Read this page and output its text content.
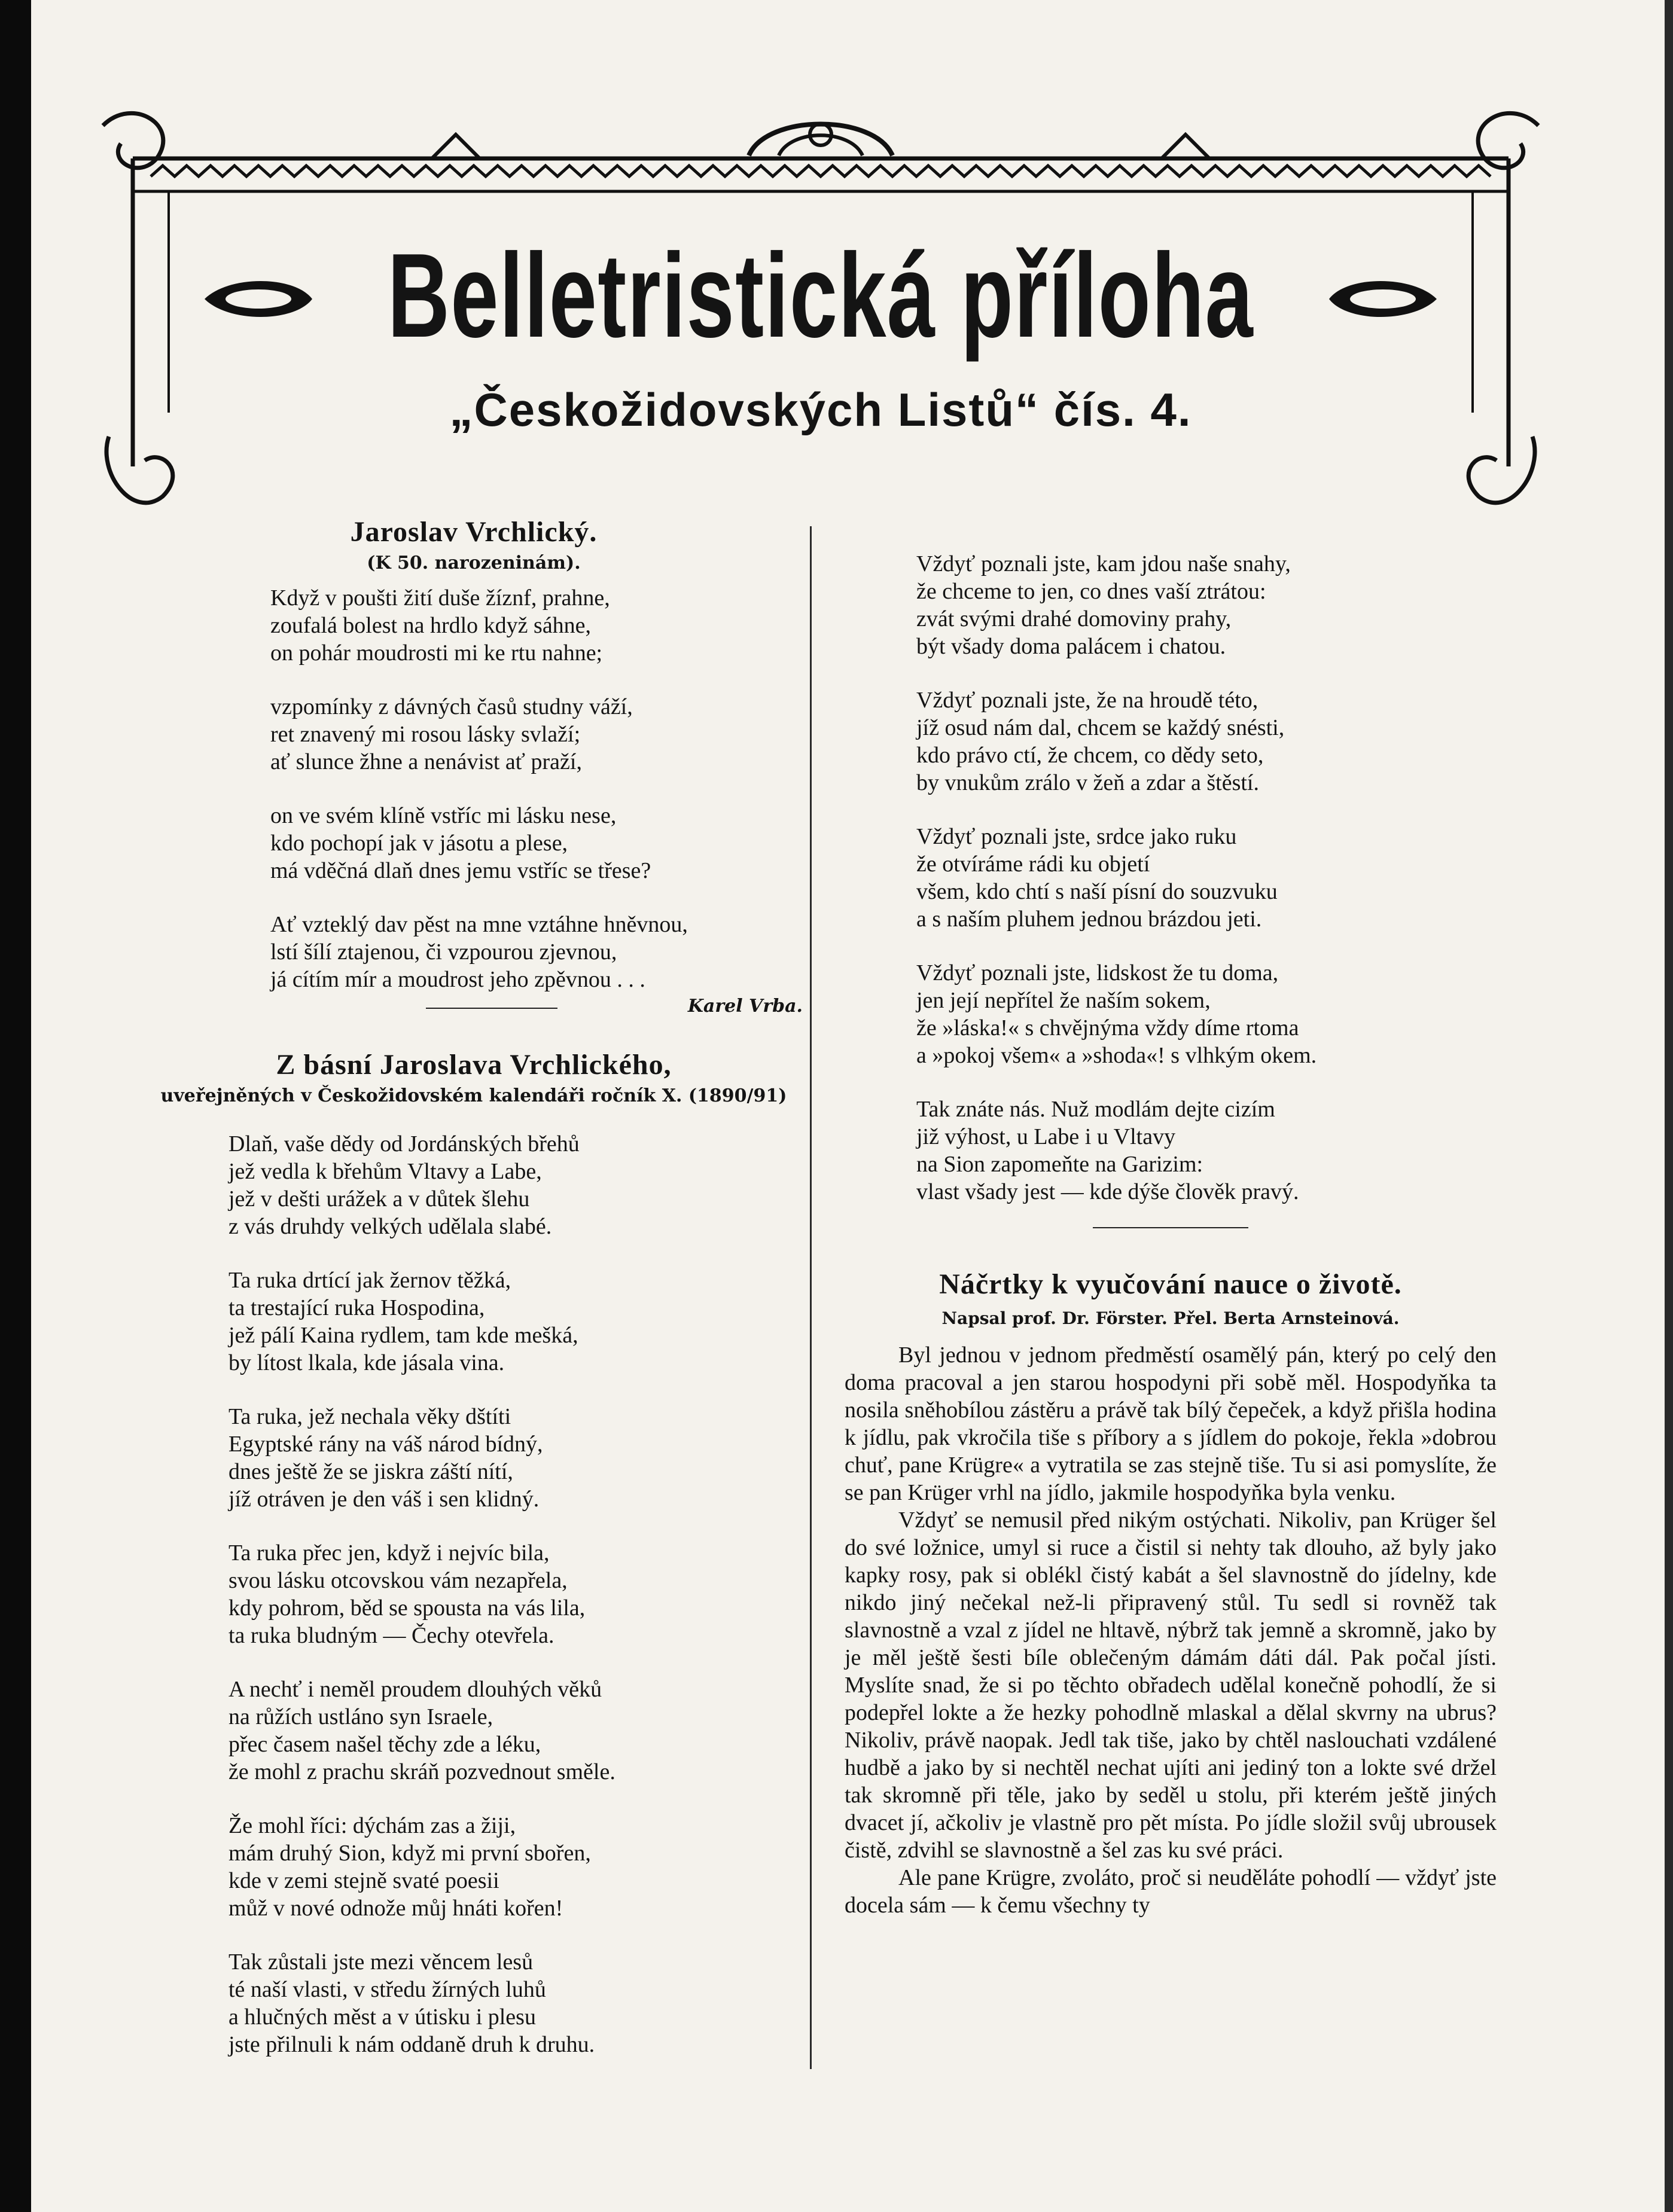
Belletristická příloha
„Českožidovských Listů“ čís. 4.
Jaroslav Vrchlický.
(K 50. narozeninám).
Když v poušti žití duše žíznf, prahne,
zoufalá bolest na hrdlo když sáhne,
on pohár moudrosti mi ke rtu nahne;
vzpomínky z dávných časů studny váží,
ret znavený mi rosou lásky svlaží;
ať slunce žhne a nenávist ať praží,
on ve svém klíně vstříc mi lásku nese,
kdo pochopí jak v jásotu a plese,
má vděčná dlaň dnes jemu vstříc se třese?
Ať vzteklý dav pěst na mne vztáhne hněvnou,
lstí šílí ztajenou, či vzpourou zjevnou,
já cítím mír a moudrost jeho zpěvnou . . .
Karel Vrba.
Z básní Jaroslava Vrchlického,
uveřejněných v Českožidovském kalendáři ročník X. (1890/91)
Dlaň, vaše dědy od Jordánských břehů
jež vedla k břehům Vltavy a Labe,
jež v dešti urážek a v důtek šlehu
z vás druhdy velkých udělala slabé.
Ta ruka drtící jak žernov těžká,
ta trestající ruka Hospodina,
jež pálí Kaina rydlem, tam kde mešká,
by lítost lkala, kde jásala vina.
Ta ruka, jež nechala věky dštíti
Egyptské rány na váš národ bídný,
dnes ještě že se jiskra záští nítí,
jíž otráven je den váš i sen klidný.
Ta ruka přec jen, když i nejvíc bila,
svou lásku otcovskou vám nezapřela,
kdy pohrom, běd se spousta na vás lila,
ta ruka bludným — Čechy otevřela.
A nechť i neměl proudem dlouhých věků
na růžích ustláno syn Israele,
přec časem našel těchy zde a léku,
že mohl z prachu skráň pozvednout směle.
Že mohl říci: dýchám zas a žiji,
mám druhý Sion, když mi první sbořen,
kde v zemi stejně svaté poesii
můž v nové odnože můj hnáti kořen!
Tak zůstali jste mezi věncem lesů
té naší vlasti, v středu žírných luhů
a hlučných měst a v útisku i plesu
jste přilnuli k nám oddaně druh k druhu.
Vždyť poznali jste, kam jdou naše snahy,
že chceme to jen, co dnes vaší ztrátou:
zvát svými drahé domoviny prahy,
být všady doma palácem i chatou.
Vždyť poznali jste, že na hroudě této,
jíž osud nám dal, chcem se každý snésti,
kdo právo ctí, že chcem, co dědy seto,
by vnukům zrálo v žeň a zdar a štěstí.
Vždyť poznali jste, srdce jako ruku
že otvíráme rádi ku objetí
všem, kdo chtí s naší písní do souzvuku
a s naším pluhem jednou brázdou jeti.
Vždyť poznali jste, lidskost že tu doma,
jen její nepřítel že naším sokem,
že »láska!« s chvějnýma vždy díme rtoma
a »pokoj všem« a »shoda«! s vlhkým okem.
Tak znáte nás. Nuž modlám dejte cizím
již výhost, u Labe i u Vltavy
na Sion zapomeňte na Garizim:
vlast všady jest — kde dýše člověk pravý.
Náčrtky k vyučování nauce o životě.
Napsal prof. Dr. Förster. Přel. Berta Arnsteinová.

Byl jednou v jednom předměstí osamělý pán, který po celý den doma pracoval a jen starou hospodyni při sobě měl. Hospodyňka ta nosila sněhobílou zástěru a právě tak bílý čepeček, a když přišla hodina k jídlu, pak vkročila tiše s příbory a s jídlem do pokoje, řekla »dobrou chuť, pane Krügre« a vytratila se zas stejně tiše. Tu si asi pomyslíte, že se pan Krüger vrhl na jídlo, jakmile hospodyňka byla venku.

Vždyť se nemusil před nikým ostýchati. Nikoliv, pan Krüger šel do své ložnice, umyl si ruce a čistil si nehty tak dlouho, až byly jako kapky rosy, pak si oblékl čistý kabát a šel slavnostně do jídelny, kde nikdo jiný nečekal než-li připravený stůl. Tu sedl si rovněž tak slavnostně a vzal z jídel ne hltavě, nýbrž tak jemně a skromně, jako by je měl ještě šesti bíle oblečeným dámám dáti dál. Pak počal jísti. Myslíte snad, že si po těchto obřadech udělal konečně pohodlí, že si podepřel lokte a že hezky pohodlně mlaskal a dělal skvrny na ubrus? Nikoliv, právě naopak. Jedl tak tiše, jako by chtěl naslouchati vzdálené hudbě a jako by si nechtěl nechat ujíti ani jediný ton a lokte své držel tak skromně při těle, jako by seděl u stolu, při kterém ještě jiných dvacet jí, ačkoliv je vlastně pro pět místa. Po jídle složil svůj ubrousek čistě, zdvihl se slavnostně a šel zas ku své práci.

Ale pane Krügre, zvoláto, proč si neuděláte pohodlí — vždyť jste docela sám — k čemu všechny ty
